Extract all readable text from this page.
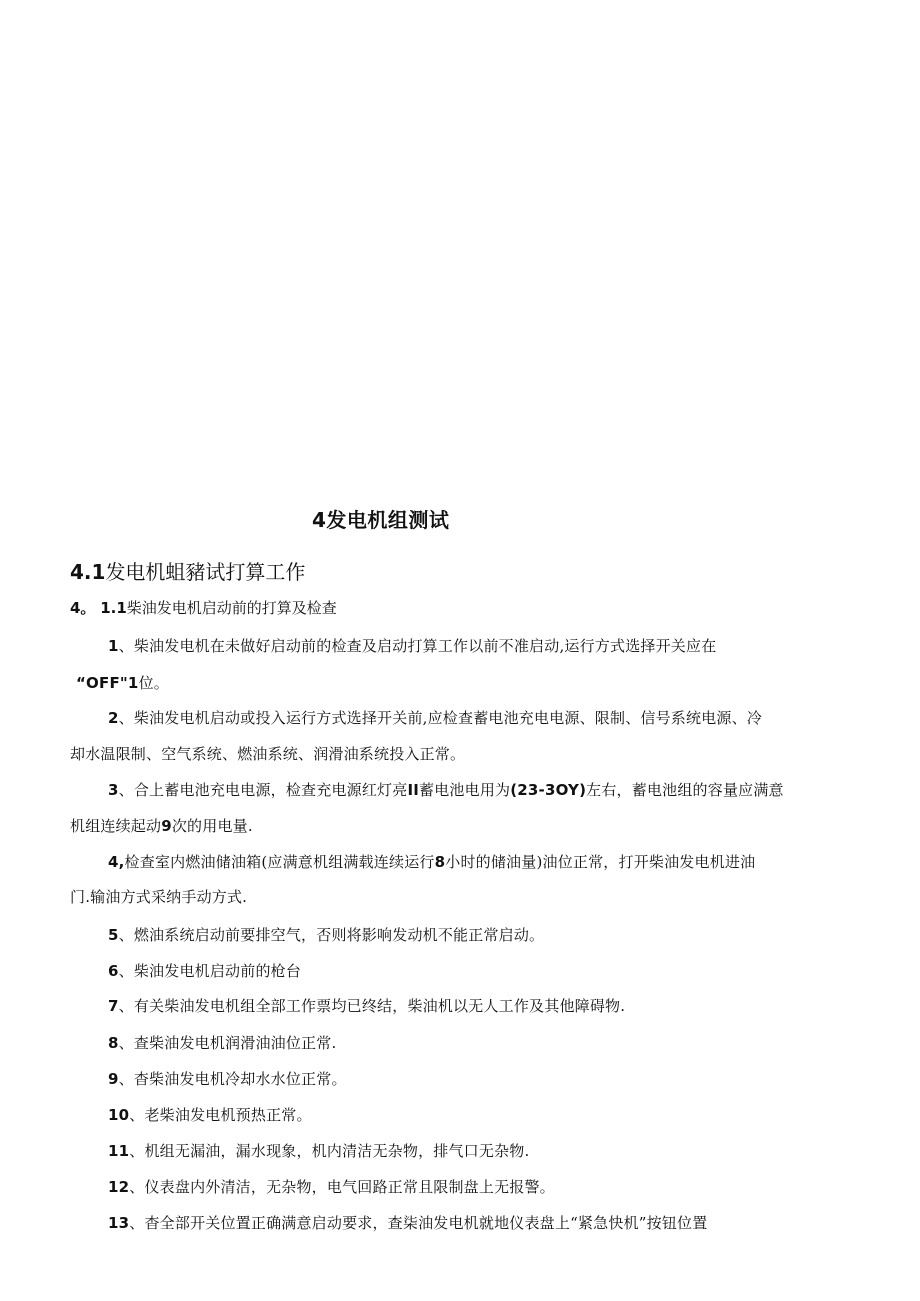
4发电机组测试
4.1发电机蛆豬试打算工作
4。 1.1柴油发电机启动前的打算及检查
1、柴油发电机在未做好启动前的检查及启动打算工作以前不准启动,运行方式选择开关应在
“OFF"1位。
2、柴油发电机启动或投入运行方式选择开关前,应检查蓄电池充电电源、限制、信号系统电源、冷
却水温限制、空气系统、燃油系统、润滑油系统投入正常。
3、合上蓄电池充电电源，检查充电源红灯亮II蓄电池电用为(23-3OY)左右，蓄电池组的容量应满意
机组连续起动9次的用电量.
4,检查室内燃油储油箱(应满意机组满载连续运行8小时的储油量)油位正常，打开柴油发电机进油
门.输油方式采纳手动方式.
5、燃油系统启动前要排空气，否则将影响发动机不能正常启动。
6、柴油发电机启动前的枪台
7、有关柴油发电机组全部工作票均已终结，柴油机以无人工作及其他障碍物.
8、查柴油发电机润滑油油位正常.
9、杳柴油发电机冷却水水位正常。
10、老柴油发电机预热正常。
11、机组无漏油，漏水现象，机内清洁无杂物，排气口无杂物.
12、仪表盘内外清洁，无杂物，电气回路正常且限制盘上无报警。
13、杳全部开关位置正确满意启动要求，查柒油发电机就地仪表盘上“紧急快机”按钮位置
